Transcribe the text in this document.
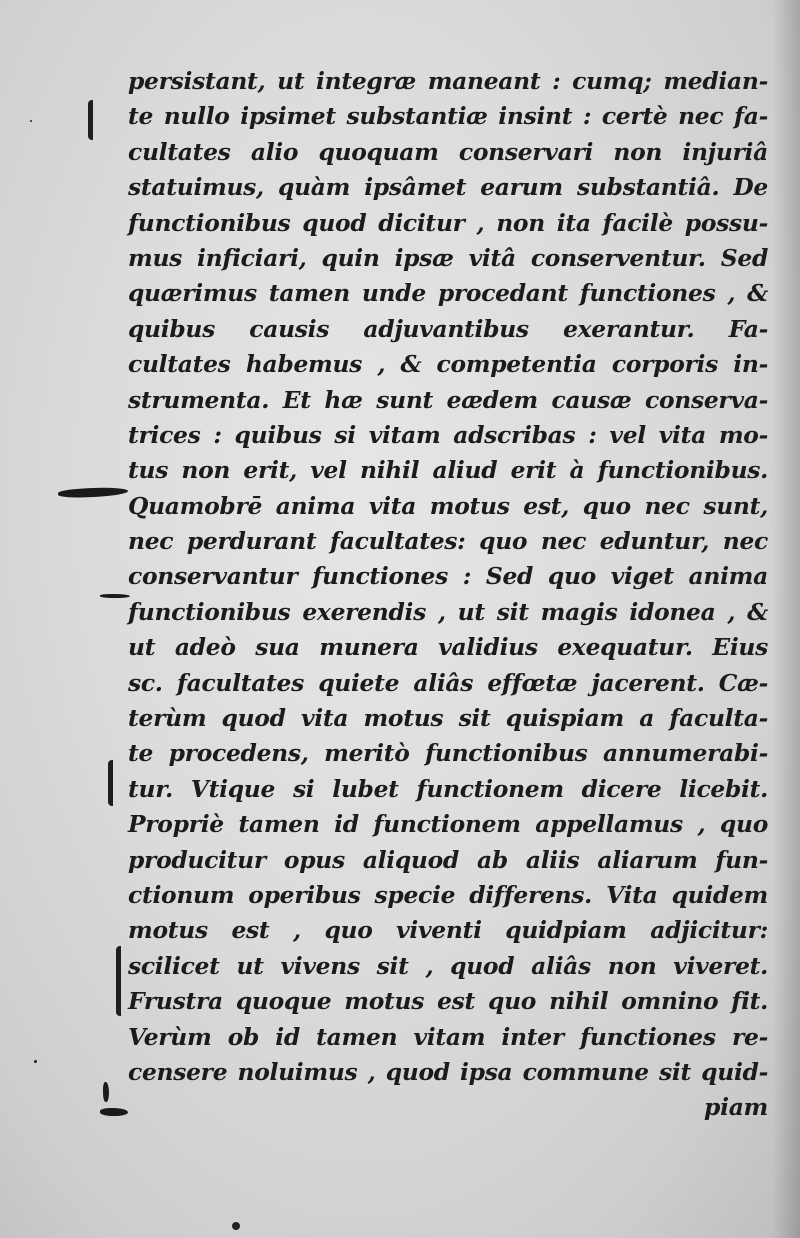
persistant, ut integræ maneant : cumq; median-
te nullo ipsimet substantiæ insint : certè nec fa-
cultates alio quoquam conservari non injuriâ
statuimus, quàm ipsâmet earum substantiâ. De
functionibus quod dicitur , non ita facilè possu-
mus inficiari, quin ipsæ vitâ conserventur. Sed
quærimus tamen unde procedant functiones , &
quibus causis adjuvantibus exerantur. Fa-
cultates habemus , & competentia corporis in-
strumenta. Et hæ sunt eædem causæ conserva-
trices : quibus si vitam adscribas : vel vita mo-
tus non erit, vel nihil aliud erit à functionibus.
Quamobrē anima vita motus est, quo nec sunt,
nec perdurant facultates: quo nec eduntur, nec
conservantur functiones : Sed quo viget anima
functionibus exerendis , ut sit magis idonea , &
ut adeò sua munera validius exequatur. Eius
sc. facultates quiete aliâs effœtæ jacerent. Cæ-
terùm quod vita motus sit quispiam a faculta-
te procedens, meritò functionibus annumerabi-
tur. Vtique si lubet functionem dicere licebit.
Propriè tamen id functionem appellamus , quo
producitur opus aliquod ab aliis aliarum fun-
ctionum operibus specie differens. Vita quidem
motus est , quo viventi quidpiam adjicitur:
scilicet ut vivens sit , quod aliâs non viveret.
Frustra quoque motus est quo nihil omnino fit.
Verùm ob id tamen vitam inter functiones re-
censere noluimus , quod ipsa commune sit quid-
piam
